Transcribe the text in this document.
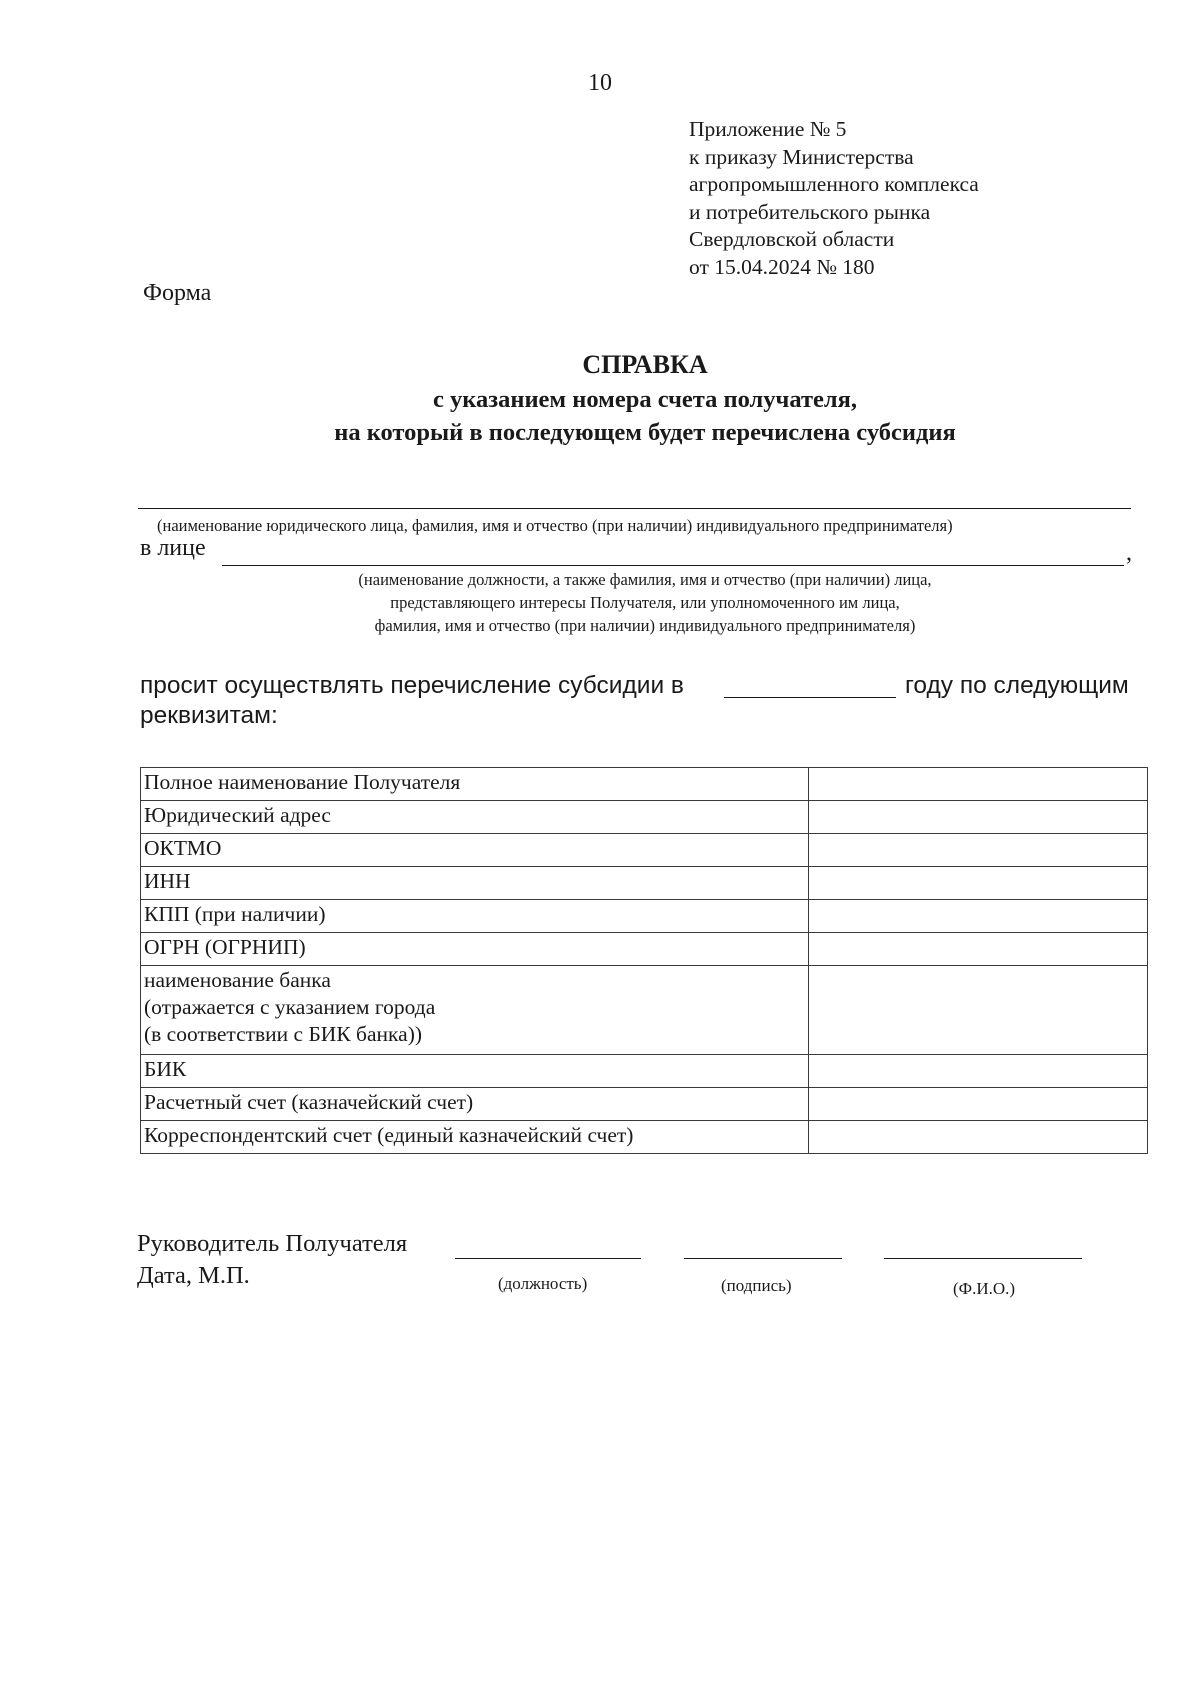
10
Приложение № 5
к приказу Министерства
агропромышленного комплекса
и потребительского рынка
Свердловской области
от 15.04.2024 № 180
Форма
СПРАВКА
с указанием номера счета получателя,
на который в последующем будет перечислена субсидия
(наименование юридического лица, фамилия, имя и отчество (при наличии) индивидуального предпринимателя)
в лице	,
(наименование должности, а также фамилия, имя и отчество (при наличии) лица,
представляющего интересы Получателя, или уполномоченного им лица,
фамилия, имя и отчество (при наличии) индивидуального предпринимателя)
просит осуществлять перечисление субсидии в	году по следующим
реквизитам:
Полное наименование Получателя	
Юридический адрес	
ОКТМО	
ИНН	
КПП (при наличии)	
ОГРН (ОГРНИП)	

наименование банка
(отражается с указанием города
(в соответствии с БИК банка))	

БИК	
Расчетный счет (казначейский счет)	
Корреспондентский счет (единый казначейский счет)	
Руководитель Получателя
Дата, М.П.	(должность)	(подпись)	(Ф.И.О.)
